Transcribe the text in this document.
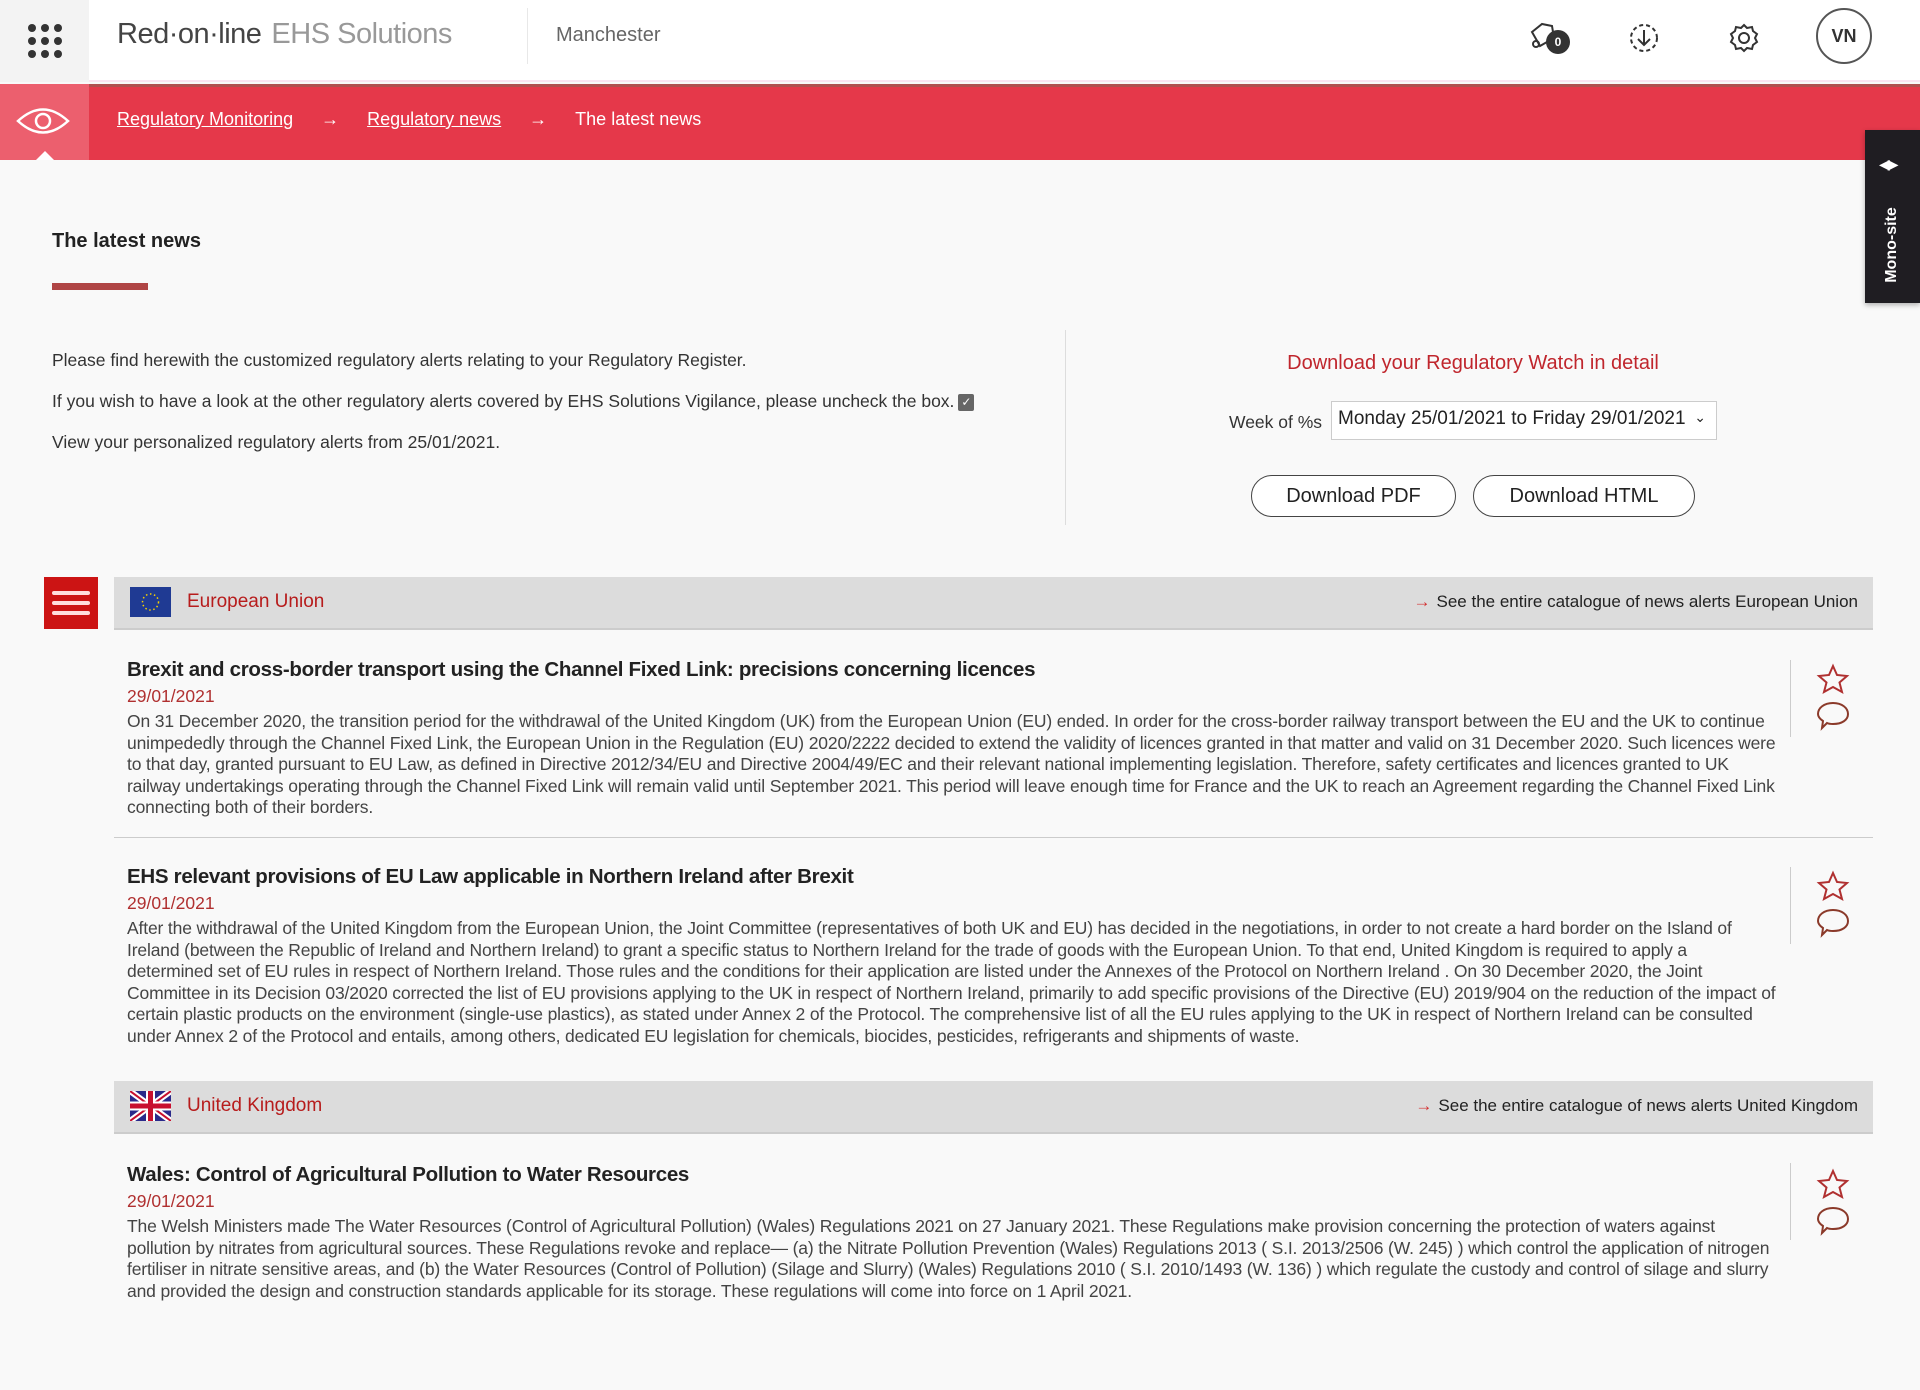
Red·on·line EHS Solutions	Manchester	0	VN
Regulatory Monitoring → Regulatory news → The latest news
◀▶
Mono-site
The latest news
Please find herewith the customized regulatory alerts relating to your Regulatory Register.
If you wish to have a look at the other regulatory alerts covered by EHS Solutions Vigilance, please uncheck the box. ✓
View your personalized regulatory alerts from 25/01/2021.
Download your Regulatory Watch in detail
Week of %s Monday 25/01/2021 to Friday 29/01/2021 ⌄
Download PDF	Download HTML
European Union	→ See the entire catalogue of news alerts European Union
Brexit and cross-border transport using the Channel Fixed Link: precisions concerning licences
29/01/2021

On 31 December 2020, the transition period for the withdrawal of the United Kingdom (UK) from the European Union (EU) ended. In order for the cross-border railway transport between the EU and the UK to continue unimpededly through the Channel Fixed Link, the European Union in the Regulation (EU) 2020/2222 decided to extend the validity of licences granted in that matter and valid on 31 December 2020. Such licences were to that day, granted pursuant to EU Law, as defined in Directive 2012/34/EU and Directive 2004/49/EC and their relevant national implementing legislation. Therefore, safety certificates and licences granted to UK railway undertakings operating through the Channel Fixed Link will remain valid until September 2021. This period will leave enough time for France and the UK to reach an Agreement regarding the Channel Fixed Link connecting both of their borders.

EHS relevant provisions of EU Law applicable in Northern Ireland after Brexit
29/01/2021

After the withdrawal of the United Kingdom from the European Union, the Joint Committee (representatives of both UK and EU) has decided in the negotiations, in order to not create a hard border on the Island of Ireland (between the Republic of Ireland and Northern Ireland) to grant a specific status to Northern Ireland for the trade of goods with the European Union. To that end, United Kingdom is required to apply a determined set of EU rules in respect of Northern Ireland. Those rules and the conditions for their application are listed under the Annexes of the Protocol on Northern Ireland . On 30 December 2020, the Joint Committee in its Decision 03/2020 corrected the list of EU provisions applying to the UK in respect of Northern Ireland, primarily to add specific provisions of the Directive (EU) 2019/904 on the reduction of the impact of certain plastic products on the environment (single-use plastics), as stated under Annex 2 of the Protocol. The comprehensive list of all the EU rules applying to the UK in respect of Northern Ireland can be consulted under Annex 2 of the Protocol and entails, among others, dedicated EU legislation for chemicals, biocides, pesticides, refrigerants and shipments of waste.

United Kingdom	→ See the entire catalogue of news alerts United Kingdom
Wales: Control of Agricultural Pollution to Water Resources
29/01/2021

The Welsh Ministers made The Water Resources (Control of Agricultural Pollution) (Wales) Regulations 2021 on 27 January 2021. These Regulations make provision concerning the protection of waters against pollution by nitrates from agricultural sources. These Regulations revoke and replace— (a) the Nitrate Pollution Prevention (Wales) Regulations 2013 ( S.I. 2013/2506 (W. 245) ) which control the application of nitrogen fertiliser in nitrate sensitive areas, and (b) the Water Resources (Control of Pollution) (Silage and Slurry) (Wales) Regulations 2010 ( S.I. 2010/1493 (W. 136) ) which regulate the custody and control of silage and slurry and provided the design and construction standards applicable for its storage. These regulations will come into force on 1 April 2021.
